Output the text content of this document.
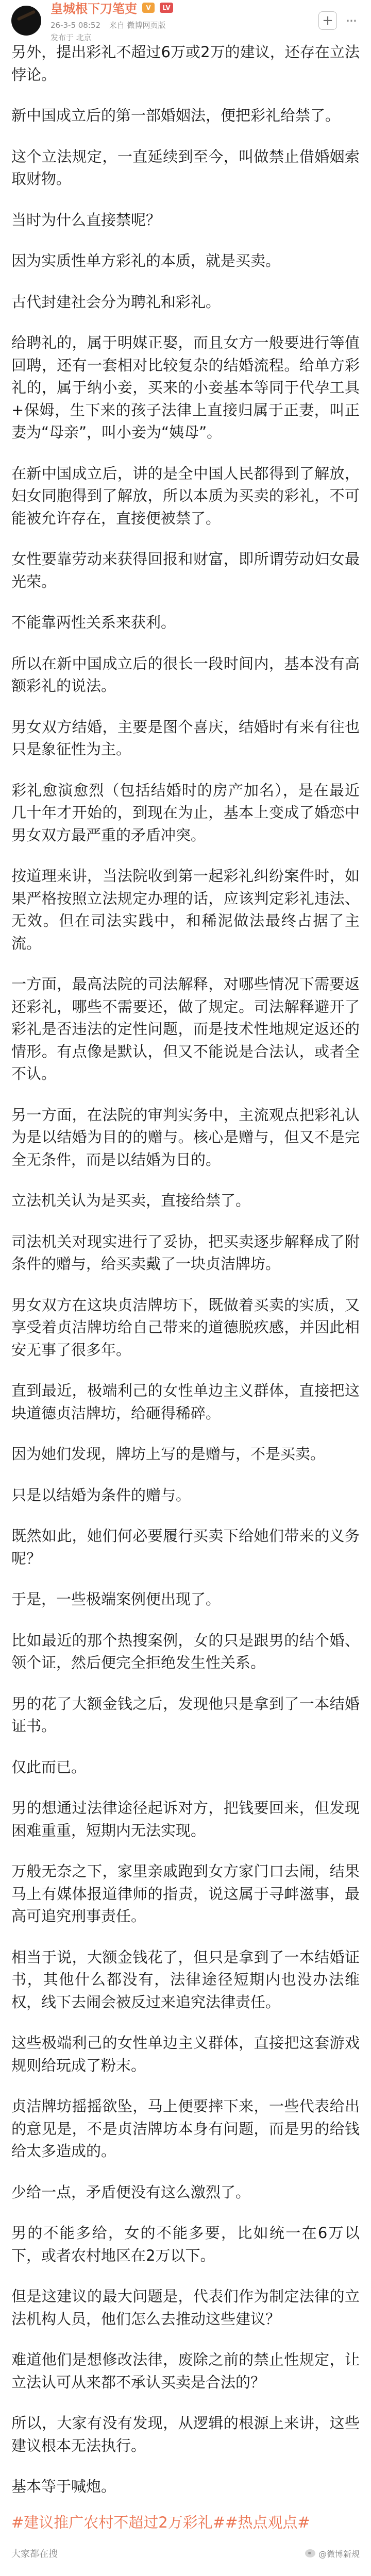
皇城根下刀笔吏	V	LV
26-3-5 08:52 来自 微博网页版
发布于 北京
+ ···

另外，提出彩礼不超过6万或2万的建议，还存在立法悖论。

新中国成立后的第一部婚姻法，便把彩礼给禁了。

这个立法规定，一直延续到至今，叫做禁止借婚姻索取财物。

当时为什么直接禁呢？

因为实质性单方彩礼的本质，就是买卖。

古代封建社会分为聘礼和彩礼。

给聘礼的，属于明媒正娶，而且女方一般要进行等值回聘，还有一套相对比较复杂的结婚流程。给单方彩礼的，属于纳小妾，买来的小妾基本等同于代孕工具+保姆，生下来的孩子法律上直接归属于正妻，叫正妻为“母亲”，叫小妾为“姨母”。

在新中国成立后，讲的是全中国人民都得到了解放，妇女同胞得到了解放，所以本质为买卖的彩礼，不可能被允许存在，直接便被禁了。

女性要靠劳动来获得回报和财富，即所谓劳动妇女最光荣。

不能靠两性关系来获利。

所以在新中国成立后的很长一段时间内，基本没有高额彩礼的说法。

男女双方结婚，主要是图个喜庆，结婚时有来有往也只是象征性为主。

彩礼愈演愈烈（包括结婚时的房产加名），是在最近几十年才开始的，到现在为止，基本上变成了婚恋中男女双方最严重的矛盾冲突。

按道理来讲，当法院收到第一起彩礼纠纷案件时，如果严格按照立法规定办理的话，应该判定彩礼违法、无效。但在司法实践中，和稀泥做法最终占据了主流。

一方面，最高法院的司法解释，对哪些情况下需要返还彩礼，哪些不需要还，做了规定。司法解释避开了彩礼是否违法的定性问题，而是技术性地规定返还的情形。有点像是默认，但又不能说是合法认，或者全不认。

另一方面，在法院的审判实务中，主流观点把彩礼认为是以结婚为目的的赠与。核心是赠与，但又不是完全无条件，而是以结婚为目的。

立法机关认为是买卖，直接给禁了。

司法机关对现实进行了妥协，把买卖逐步解释成了附条件的赠与，给买卖戴了一块贞洁牌坊。

男女双方在这块贞洁牌坊下，既做着买卖的实质，又享受着贞洁牌坊给自己带来的道德脱疚感，并因此相安无事了很多年。

直到最近，极端利己的女性单边主义群体，直接把这块道德贞洁牌坊，给砸得稀碎。

因为她们发现，牌坊上写的是赠与，不是买卖。

只是以结婚为条件的赠与。

既然如此，她们何必要履行买卖下给她们带来的义务呢？

于是，一些极端案例便出现了。

比如最近的那个热搜案例，女的只是跟男的结个婚、领个证，然后便完全拒绝发生性关系。

男的花了大额金钱之后，发现他只是拿到了一本结婚证书。

仅此而已。

男的想通过法律途径起诉对方，把钱要回来，但发现困难重重，短期内无法实现。

万般无奈之下，家里亲戚跑到女方家门口去闹，结果马上有媒体报道律师的指责，说这属于寻衅滋事，最高可追究刑事责任。

相当于说，大额金钱花了，但只是拿到了一本结婚证书，其他什么都没有，法律途径短期内也没办法维权，线下去闹会被反过来追究法律责任。

这些极端利己的女性单边主义群体，直接把这套游戏规则给玩成了粉末。

贞洁牌坊摇摇欲坠，马上便要摔下来，一些代表给出的意见是，不是贞洁牌坊本身有问题，而是男的给钱给太多造成的。

少给一点，矛盾便没有这么激烈了。

男的不能多给，女的不能多要，比如统一在6万以下，或者农村地区在2万以下。

但是这建议的最大问题是，代表们作为制定法律的立法机构人员，他们怎么去推动这些建议？

难道他们是想修改法律，废除之前的禁止性规定，让立法认可从来都不承认买卖是合法的？

所以，大家有没有发现，从逻辑的根源上来讲，这些建议根本无法执行。

基本等于喊炮。

#建议推广农村不超过2万彩礼##热点观点#
大家都在搜	@微博新规
